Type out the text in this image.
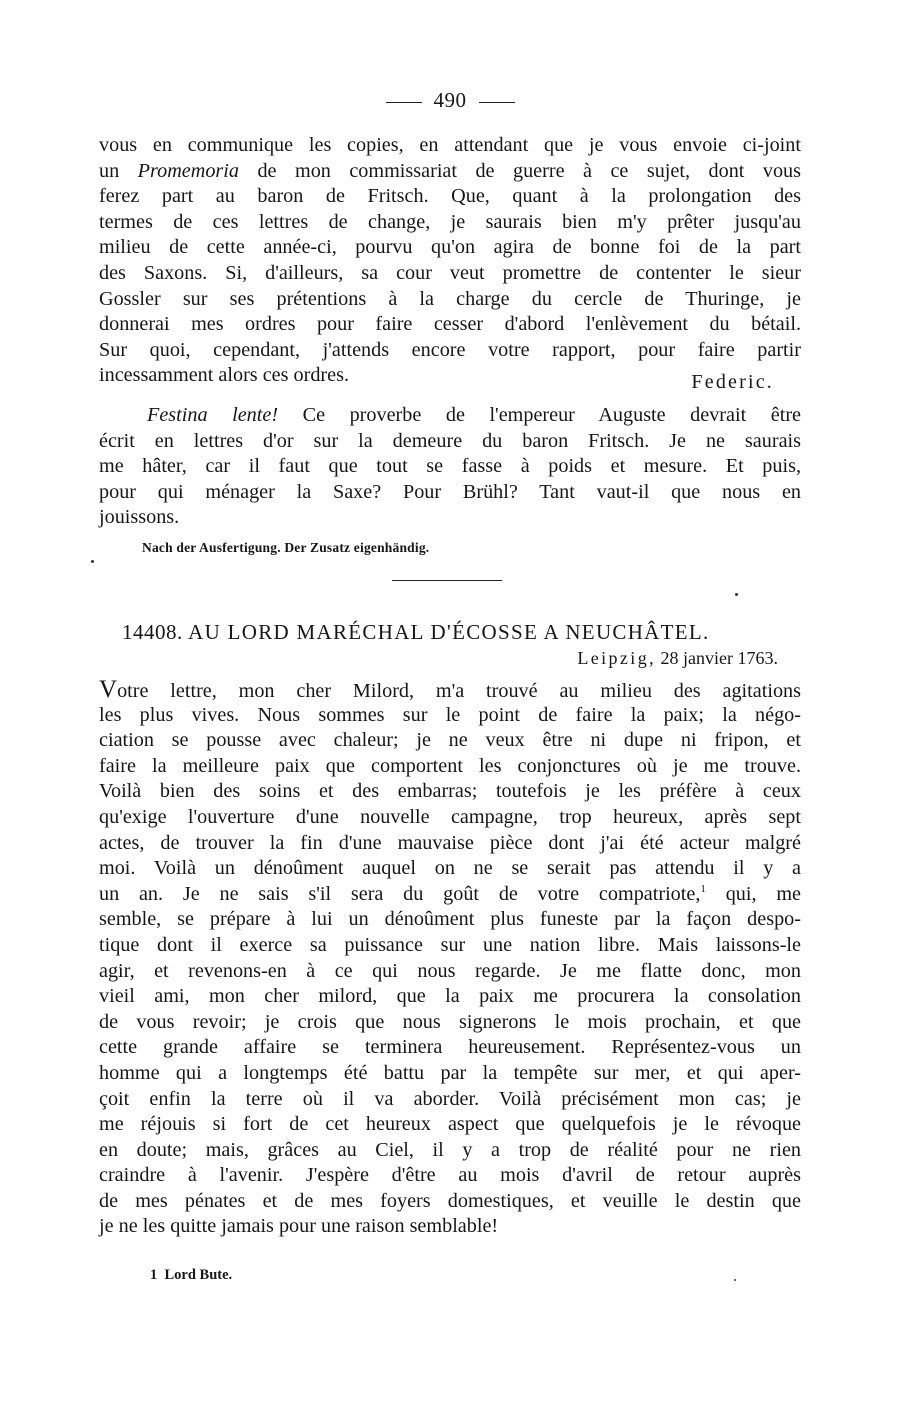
490
vous en communique les copies, en attendant que je vous envoie ci-joint
un Promemoria de mon commissariat de guerre à ce sujet, dont vous
ferez part au baron de Fritsch. Que, quant à la prolongation des
termes de ces lettres de change, je saurais bien m'y prêter jusqu'au
milieu de cette année-ci, pourvu qu'on agira de bonne foi de la part
des Saxons. Si, d'ailleurs, sa cour veut promettre de contenter le sieur
Gossler sur ses prétentions à la charge du cercle de Thuringe, je
donnerai mes ordres pour faire cesser d'abord l'enlèvement du bétail.
Sur quoi, cependant, j'attends encore votre rapport, pour faire partir
incessamment alors ces ordres.	Federic.
Festina lente! Ce proverbe de l'empereur Auguste devrait être
écrit en lettres d'or sur la demeure du baron Fritsch. Je ne saurais
me hâter, car il faut que tout se fasse à poids et mesure. Et puis,
pour qui ménager la Saxe? Pour Brühl? Tant vaut-il que nous en
jouissons.
Nach der Ausfertigung. Der Zusatz eigenhändig.
14408. AU LORD MARÉCHAL D'ÉCOSSE A NEUCHÂTEL.
Leipzig, 28 janvier 1763.
Votre lettre, mon cher Milord, m'a trouvé au milieu des agitations
les plus vives. Nous sommes sur le point de faire la paix; la négo-
ciation se pousse avec chaleur; je ne veux être ni dupe ni fripon, et
faire la meilleure paix que comportent les conjonctures où je me trouve.
Voilà bien des soins et des embarras; toutefois je les préfère à ceux
qu'exige l'ouverture d'une nouvelle campagne, trop heureux, après sept
actes, de trouver la fin d'une mauvaise pièce dont j'ai été acteur malgré
moi. Voilà un dénoûment auquel on ne se serait pas attendu il y a
un an. Je ne sais s'il sera du goût de votre compatriote,$^1$ qui, me
semble, se prépare à lui un dénoûment plus funeste par la façon despo-
tique dont il exerce sa puissance sur une nation libre. Mais laissons-le
agir, et revenons-en à ce qui nous regarde. Je me flatte donc, mon
vieil ami, mon cher milord, que la paix me procurera la consolation
de vous revoir; je crois que nous signerons le mois prochain, et que
cette grande affaire se terminera heureusement. Représentez-vous un
homme qui a longtemps été battu par la tempête sur mer, et qui aper-
çoit enfin la terre où il va aborder. Voilà précisément mon cas; je
me réjouis si fort de cet heureux aspect que quelquefois je le révoque
en doute; mais, grâces au Ciel, il y a trop de réalité pour ne rien
craindre à l'avenir. J'espère d'être au mois d'avril de retour auprès
de mes pénates et de mes foyers domestiques, et veuille le destin que
je ne les quitte jamais pour une raison semblable!
1 Lord Bute.
